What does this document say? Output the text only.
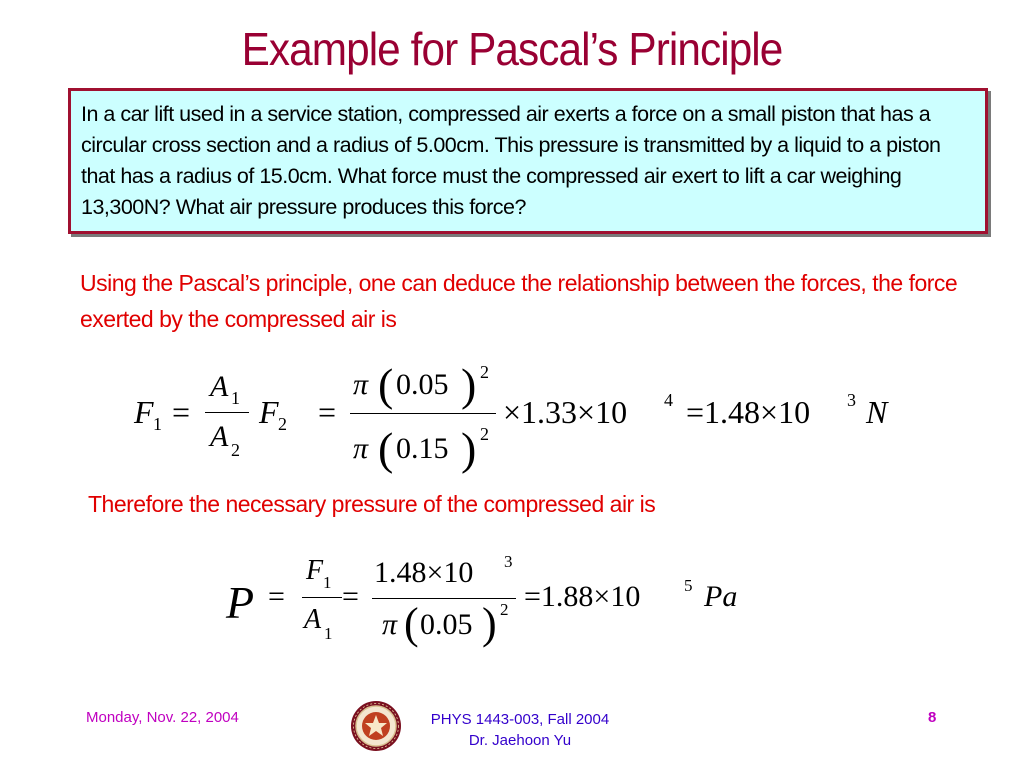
Example for Pascal’s Principle

In a car lift used in a service station, compressed air exerts a force on a small piston that has a circular cross section and a radius of 5.00cm. This pressure is transmitted by a liquid to a piston that has a radius of 15.0cm. What force must the compressed air exert to lift a car weighing 13,300N? What air pressure produces this force?

Using the Pascal’s principle, one can deduce the relationship between the forces, the force exerted by the compressed air is

F 1 =
A 1
A 2
F 2 =
π ( 0.05 ) 2
π ( 0.15 ) 2
×1.33×10 4 =1.48×10 3 N

Therefore the necessary pressure of the compressed air is

P =
F 1
A 1
=
1.48×10 3
π ( 0.05 ) 2 =1.88×10	5 Pa
Monday, Nov. 22, 2004	PHYS 1443-003, Fall 2004
Dr. Jaehoon Yu
8
